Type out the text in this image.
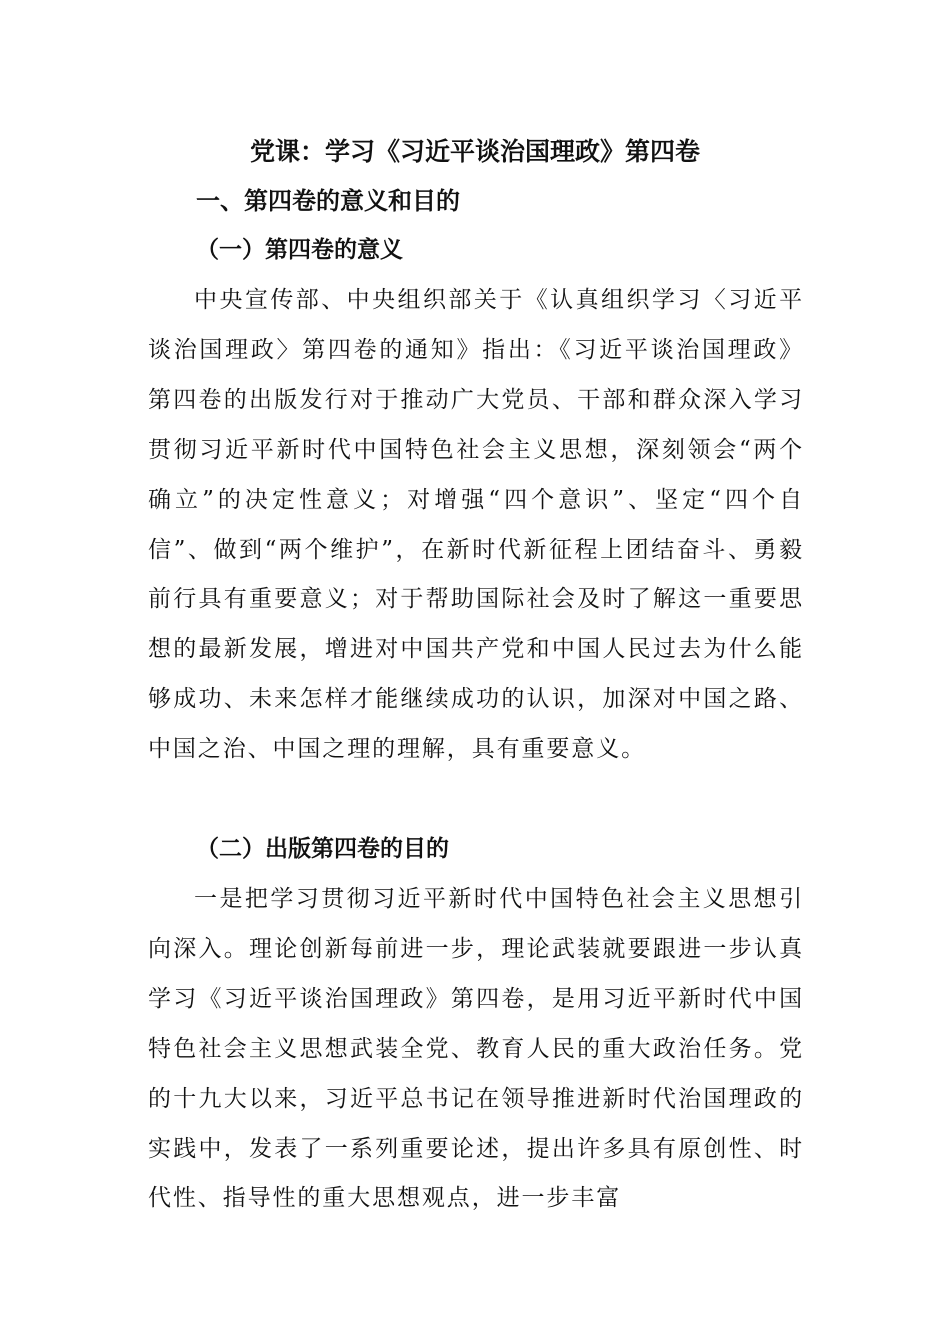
党课：学习《习近平谈治国理政》第四卷
一、第四卷的意义和目的
（一）第四卷的意义

中央宣传部、中央组织部关于《认真组织学习〈习近平谈治国理政〉第四卷的通知》指出：《习近平谈治国理政》第四卷的出版发行对于推动广大党员、干部和群众深入学习贯彻习近平新时代中国特色社会主义思想，深刻领会“两个确立”的决定性意义；对增强“四个意识”、坚定“四个自信”、做到“两个维护”，在新时代新征程上团结奋斗、勇毅前行具有重要意义；对于帮助国际社会及时了解这一重要思想的最新发展，增进对中国共产党和中国人民过去为什么能够成功、未来怎样才能继续成功的认识，加深对中国之路、中国之治、中国之理的理解，具有重要意义。

（二）出版第四卷的目的

一是把学习贯彻习近平新时代中国特色社会主义思想引向深入。理论创新每前进一步，理论武装就要跟进一步认真学习《习近平谈治国理政》第四卷，是用习近平新时代中国特色社会主义思想武装全党、教育人民的重大政治任务。党的十九大以来，习近平总书记在领导推进新时代治国理政的实践中，发表了一系列重要论述，提出许多具有原创性、时代性、指导性的重大思想观点，进一步丰富
